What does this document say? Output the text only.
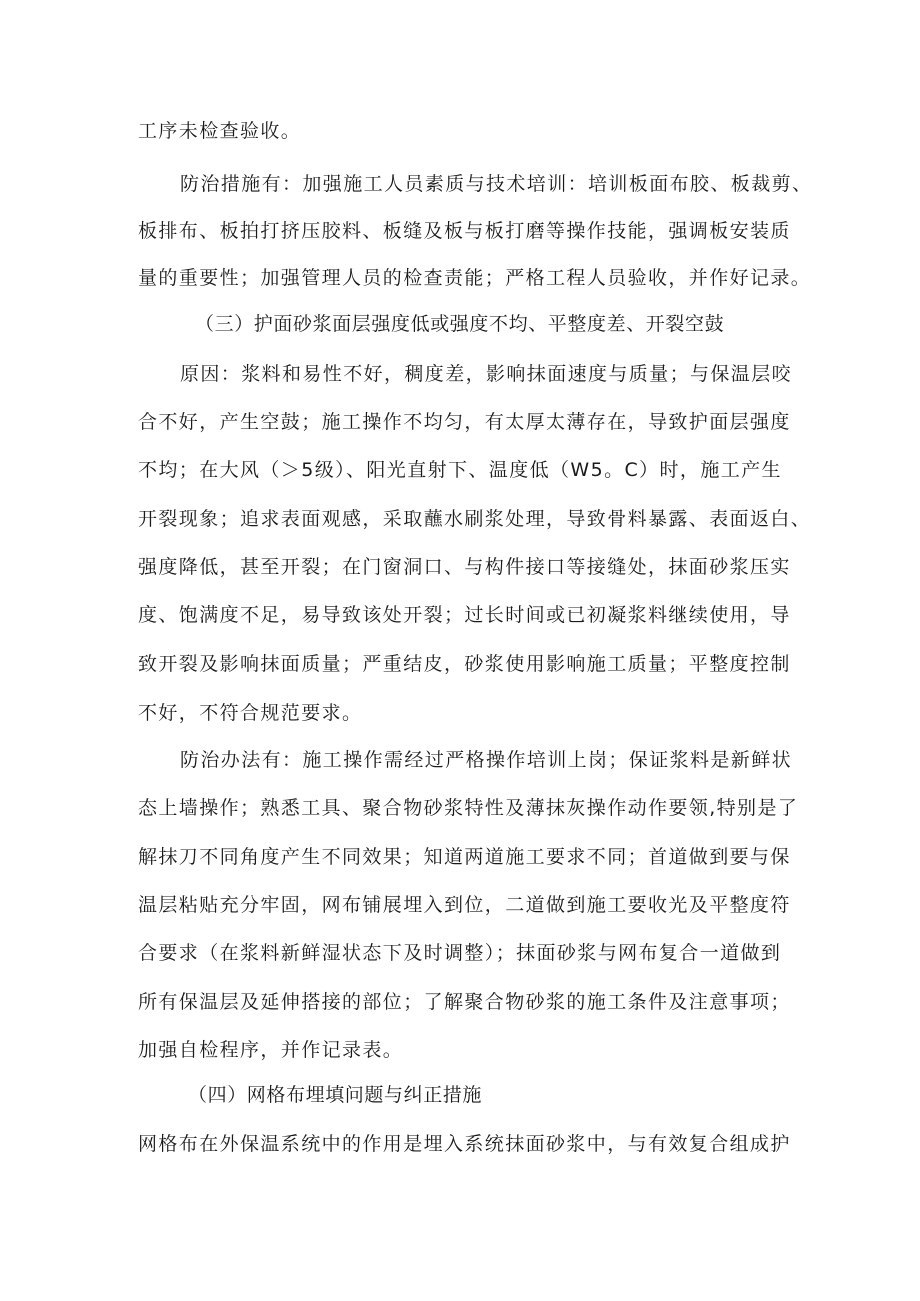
工序未检查验收。
防治措施有：加强施工人员素质与技术培训：培训板面布胶、板裁剪、
板排布、板拍打挤压胶料、板缝及板与板打磨等操作技能，强调板安装质
量的重要性；加强管理人员的检查责能；严格工程人员验收，并作好记录。
（三）护面砂浆面层强度低或强度不均、平整度差、开裂空鼓
原因：浆料和易性不好，稠度差，影响抹面速度与质量；与保温层咬
合不好，产生空鼓；施工操作不均匀，有太厚太薄存在，导致护面层强度
不均；在大风（＞5级）、阳光直射下、温度低（W5。C）时，施工产生
开裂现象；追求表面观感，采取蘸水刷浆处理，导致骨料暴露、表面返白、
强度降低，甚至开裂；在门窗洞口、与构件接口等接缝处，抹面砂浆压实
度、饱满度不足，易导致该处开裂；过长时间或已初凝浆料继续使用，导
致开裂及影响抹面质量；严重结皮，砂浆使用影响施工质量；平整度控制
不好，不符合规范要求。
防治办法有：施工操作需经过严格操作培训上岗；保证浆料是新鲜状
态上墙操作；熟悉工具、聚合物砂浆特性及薄抹灰操作动作要领,特别是了
解抹刀不同角度产生不同效果；知道两道施工要求不同；首道做到要与保
温层粘贴充分牢固，网布铺展埋入到位，二道做到施工要收光及平整度符
合要求（在浆料新鲜湿状态下及时调整）；抹面砂浆与网布复合一道做到
所有保温层及延伸搭接的部位；了解聚合物砂浆的施工条件及注意事项；
加强自检程序，并作记录表。
（四）网格布埋填问题与纠正措施
网格布在外保温系统中的作用是埋入系统抹面砂浆中，与有效复合组成护
